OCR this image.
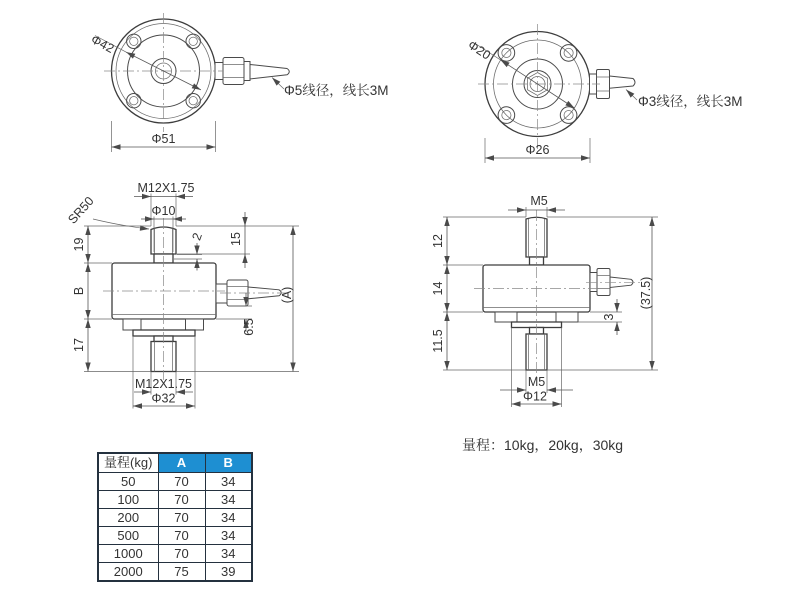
Φ42
Φ5线径，线长3M
Φ51
Φ20
Φ3线径，线长3M
Φ26
SR50
M12X1.75
Φ10
2
19
B
17
15
6.5
(A)
M12X1.75
Φ32
M5
12
14
11.5
(37.5)
3
M5
Φ12
量程(kg)	A	B
50	70	34
100	70	34
200	70	34
500	70	34
1000	70	34
2000	75	39
量程：10kg，20kg，30kg
